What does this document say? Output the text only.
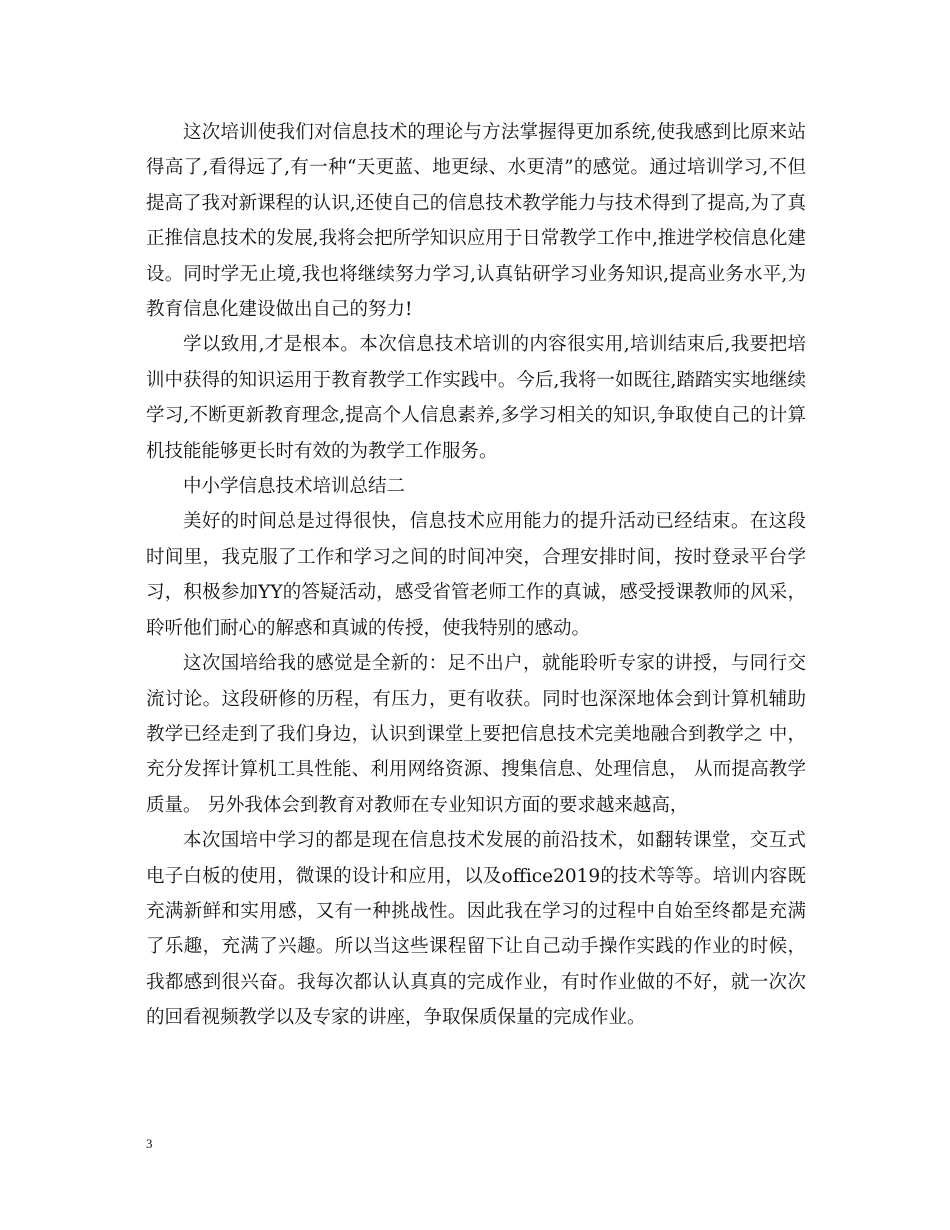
这次培训使我们对信息技术的理论与方法掌握得更加系统,使我感到比原来站得高了,看得远了,有一种“天更蓝、地更绿、水更清”的感觉。通过培训学习,不但提高了我对新课程的认识,还使自己的信息技术教学能力与技术得到了提高,为了真正推信息技术的发展,我将会把所学知识应用于日常教学工作中,推进学校信息化建设。同时学无止境,我也将继续努力学习,认真钻研学习业务知识,提高业务水平,为教育信息化建设做出自己的努力!

学以致用,才是根本。本次信息技术培训的内容很实用,培训结束后,我要把培训中获得的知识运用于教育教学工作实践中。今后,我将一如既往,踏踏实实地继续学习,不断更新教育理念,提高个人信息素养,多学习相关的知识,争取使自己的计算机技能能够更长时有效的为教学工作服务。

中小学信息技术培训总结二

美好的时间总是过得很快，信息技术应用能力的提升活动已经结束。在这段时间里，我克服了工作和学习之间的时间冲突，合理安排时间，按时登录平台学习，积极参加YY的答疑活动，感受省管老师工作的真诚，感受授课教师的风采，聆听他们耐心的解惑和真诚的传授，使我特别的感动。

这次国培给我的感觉是全新的：足不出户，就能聆听专家的讲授，与同行交流讨论。这段研修的历程，有压力，更有收获。同时也深深地体会到计算机辅助教学已经走到了我们身边，认识到课堂上要把信息技术完美地融合到教学之 中， 充分发挥计算机工具性能、利用网络资源、搜集信息、处理信息， 从而提高教学质量。 另外我体会到教育对教师在专业知识方面的要求越来越高，

本次国培中学习的都是现在信息技术发展的前沿技术，如翻转课堂，交互式电子白板的使用，微课的设计和应用，以及office2019的技术等等。培训内容既充满新鲜和实用感，又有一种挑战性。因此我在学习的过程中自始至终都是充满了乐趣，充满了兴趣。所以当这些课程留下让自己动手操作实践的作业的时候，我都感到很兴奋。我每次都认认真真的完成作业，有时作业做的不好，就一次次的回看视频教学以及专家的讲座，争取保质保量的完成作业。

3
